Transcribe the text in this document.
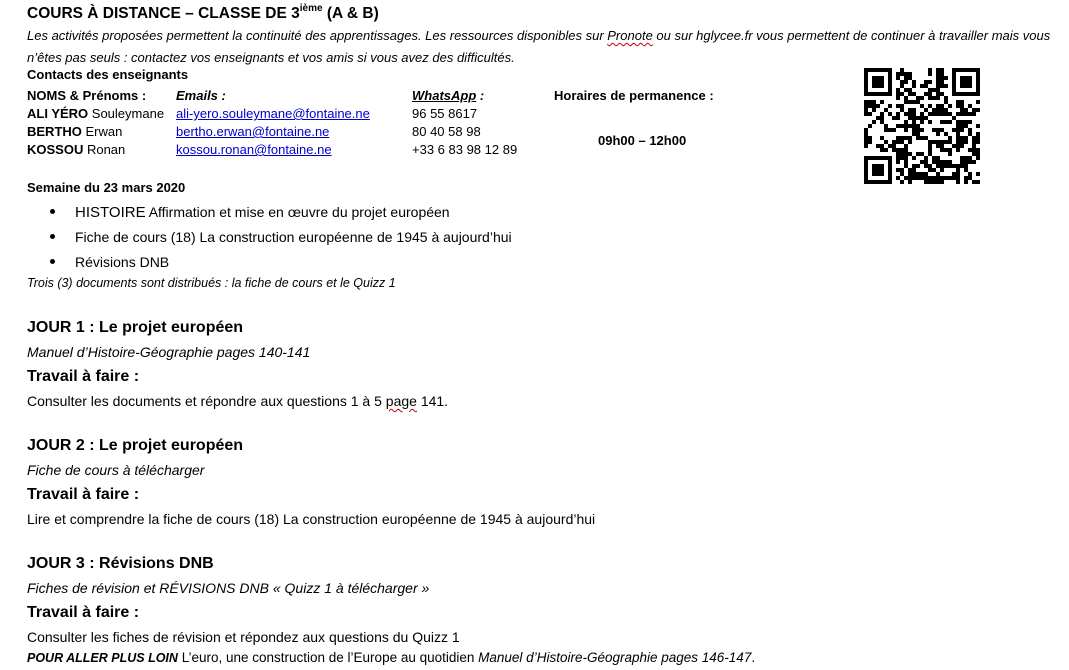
COURS À DISTANCE – CLASSE DE 3ième (A & B)
Les activités proposées permettent la continuité des apprentissages. Les ressources disponibles sur Pronote ou sur hglycee.fr vous permettent de continuer à travailler mais vous n’êtes pas seuls : contactez vos enseignants et vos amis si vous avez des difficultés.
Contacts des enseignants
NOMS & Prénoms : Emails :	WhatsApp :	Horaires de permanence :
ALI YÉRO Souleymane ali-yero.souleymane@fontaine.ne	96 55 8617
BERTHO Erwan	bertho.erwan@fontaine.ne	80 40 58 98
KOSSOU Ronan	kossou.ronan@fontaine.ne	+33 6 83 98 12 89
09h00 – 12h00
Semaine du 23 mars 2020
HISTOIRE Affirmation et mise en œuvre du projet européen
Fiche de cours (18) La construction européenne de 1945 à aujourd’hui
Révisions DNB
Trois (3) documents sont distribués : la fiche de cours et le Quizz 1
JOUR 1 : Le projet européen
Manuel d’Histoire-Géographie pages 140-141
Travail à faire :
Consulter les documents et répondre aux questions 1 à 5 page 141.
JOUR 2 : Le projet européen
Fiche de cours à télécharger
Travail à faire :
Lire et comprendre la fiche de cours (18) La construction européenne de 1945 à aujourd’hui
JOUR 3 : Révisions DNB
Fiches de révision et RÉVISIONS DNB « Quizz 1 à télécharger »
Travail à faire :
Consulter les fiches de révision et répondez aux questions du Quizz 1
POUR ALLER PLUS LOIN L’euro, une construction de l’Europe au quotidien Manuel d’Histoire-Géographie pages 146-147.
